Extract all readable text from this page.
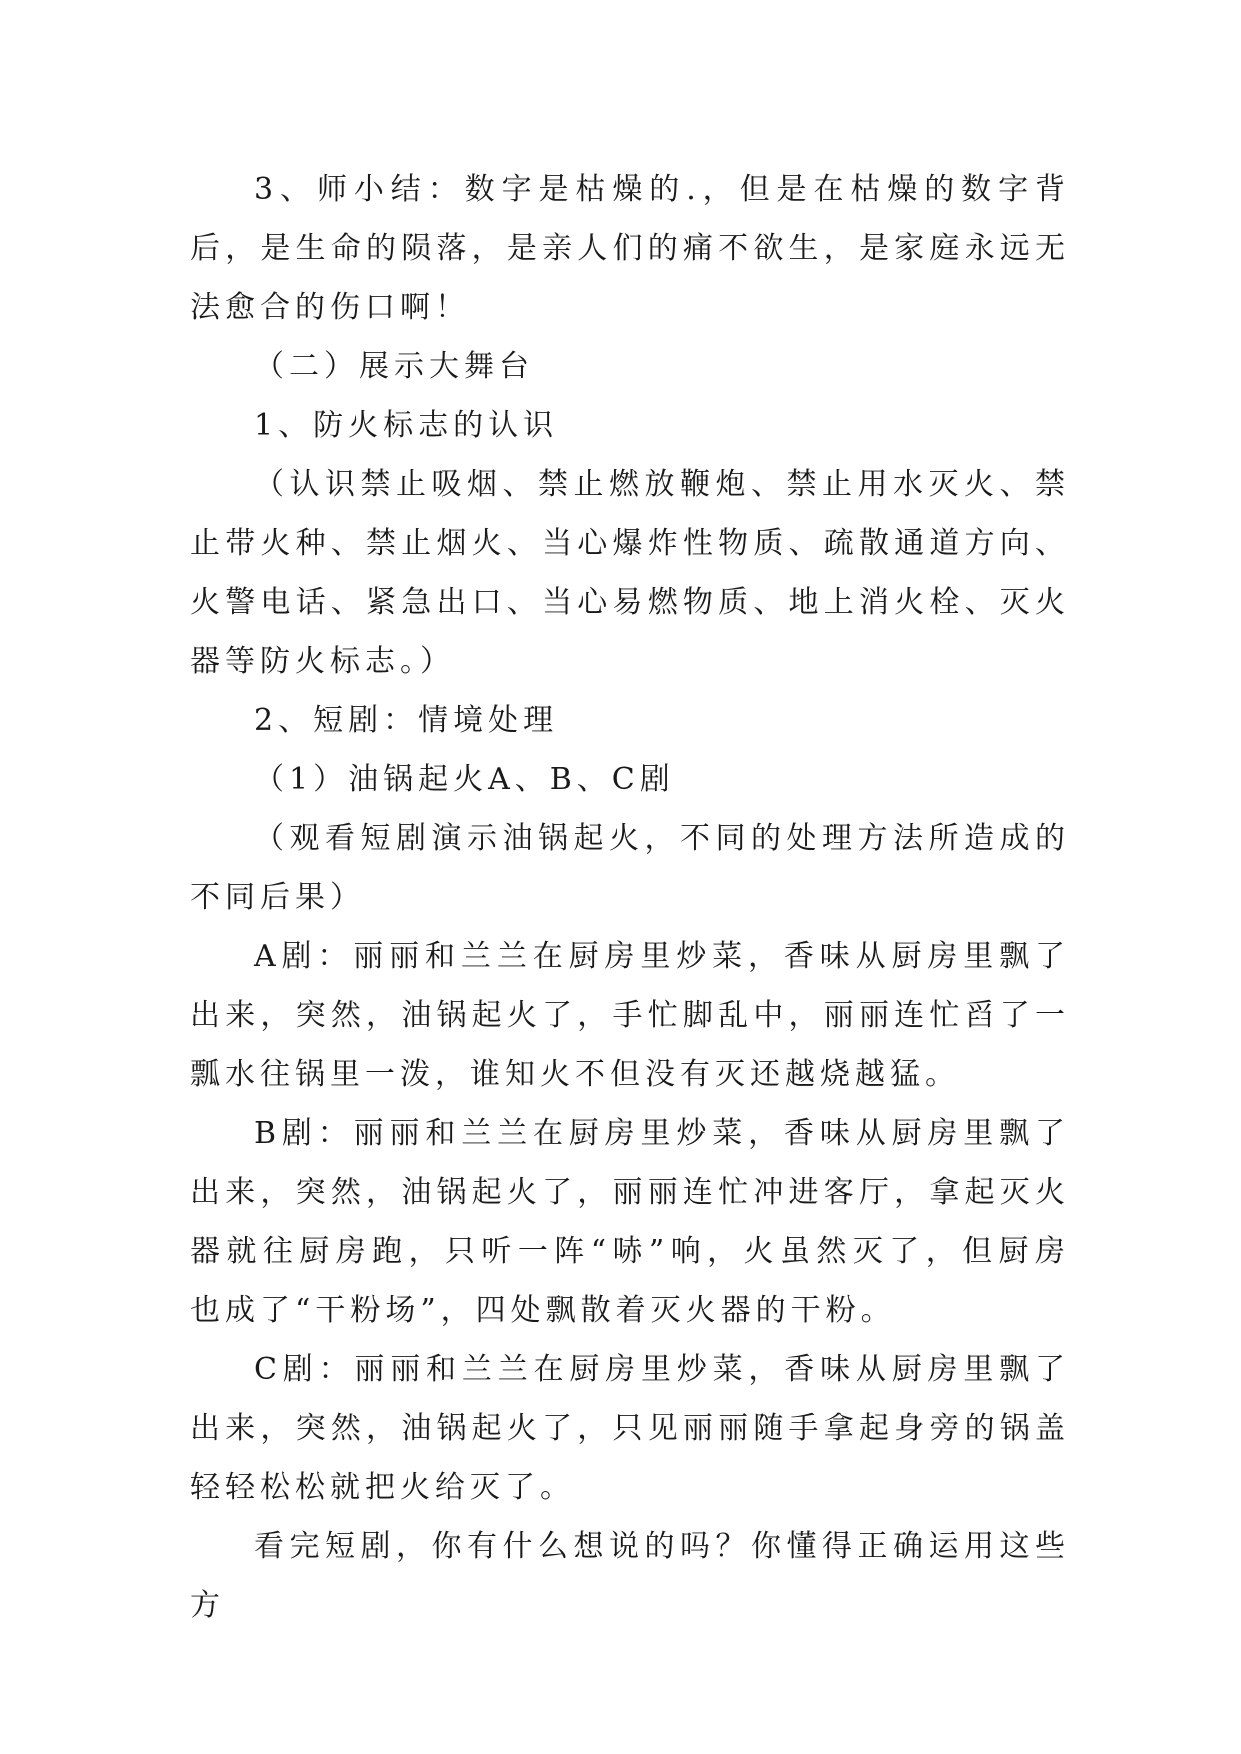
3、师小结：数字是枯燥的.，但是在枯燥的数字背后，是生命的陨落，是亲人们的痛不欲生，是家庭永远无法愈合的伤口啊！

（二）展示大舞台

1、防火标志的认识

（认识禁止吸烟、禁止燃放鞭炮、禁止用水灭火、禁止带火种、禁止烟火、当心爆炸性物质、疏散通道方向、火警电话、紧急出口、当心易燃物质、地上消火栓、灭火器等防火标志。）

2、短剧：情境处理

（1）油锅起火A、B、C剧

（观看短剧演示油锅起火，不同的处理方法所造成的不同后果）

A剧：丽丽和兰兰在厨房里炒菜，香味从厨房里飘了出来，突然，油锅起火了，手忙脚乱中，丽丽连忙舀了一瓢水往锅里一泼，谁知火不但没有灭还越烧越猛。

B剧：丽丽和兰兰在厨房里炒菜，香味从厨房里飘了出来，突然，油锅起火了，丽丽连忙冲进客厅，拿起灭火器就往厨房跑，只听一阵“哧”响，火虽然灭了，但厨房也成了“干粉场”，四处飘散着灭火器的干粉。

C剧：丽丽和兰兰在厨房里炒菜，香味从厨房里飘了出来，突然，油锅起火了，只见丽丽随手拿起身旁的锅盖轻轻松松就把火给灭了。

看完短剧，你有什么想说的吗？你懂得正确运用这些方
